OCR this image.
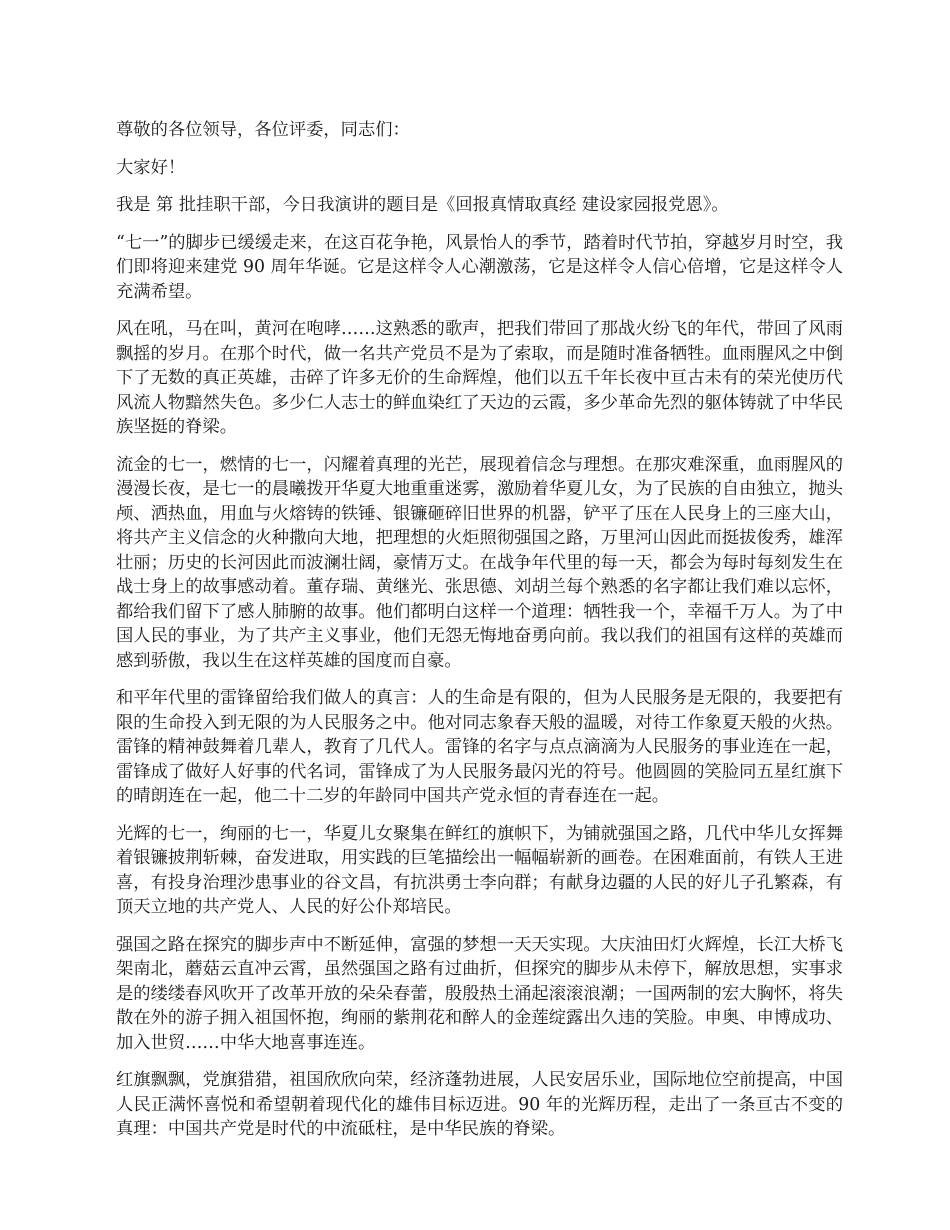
尊敬的各位领导，各位评委，同志们：

大家好！

我是 第 批挂职干部，今日我演讲的题目是《回报真情取真经 建设家园报党恩》。

“七一”的脚步已缓缓走来，在这百花争艳，风景怡人的季节，踏着时代节拍，穿越岁月时空，我们即将迎来建党 90 周年华诞。它是这样令人心潮激荡，它是这样令人信心倍增，它是这样令人充满希望。

风在吼，马在叫，黄河在咆哮……这熟悉的歌声，把我们带回了那战火纷飞的年代，带回了风雨飘摇的岁月。在那个时代，做一名共产党员不是为了索取，而是随时准备牺牲。血雨腥风之中倒下了无数的真正英雄，击碎了许多无价的生命辉煌，他们以五千年长夜中亘古未有的荣光使历代风流人物黯然失色。多少仁人志士的鲜血染红了天边的云霞，多少革命先烈的躯体铸就了中华民族坚挺的脊梁。

流金的七一，燃情的七一，闪耀着真理的光芒，展现着信念与理想。在那灾难深重，血雨腥风的漫漫长夜，是七一的晨曦拨开华夏大地重重迷雾，激励着华夏儿女，为了民族的自由独立，抛头颅、洒热血，用血与火熔铸的铁锤、银镰砸碎旧世界的机器，铲平了压在人民身上的三座大山，将共产主义信念的火种撒向大地，把理想的火炬照彻强国之路，万里河山因此而挺拔俊秀，雄浑壮丽；历史的长河因此而波澜壮阔，豪情万丈。在战争年代里的每一天，都会为每时每刻发生在战士身上的故事感动着。董存瑞、黄继光、张思德、刘胡兰每个熟悉的名字都让我们难以忘怀，都给我们留下了感人肺腑的故事。他们都明白这样一个道理：牺牲我一个，幸福千万人。为了中国人民的事业，为了共产主义事业，他们无怨无悔地奋勇向前。我以我们的祖国有这样的英雄而感到骄傲，我以生在这样英雄的国度而自豪。

和平年代里的雷锋留给我们做人的真言：人的生命是有限的，但为人民服务是无限的，我要把有限的生命投入到无限的为人民服务之中。他对同志象春天般的温暖，对待工作象夏天般的火热。雷锋的精神鼓舞着几辈人，教育了几代人。雷锋的名字与点点滴滴为人民服务的事业连在一起，雷锋成了做好人好事的代名词，雷锋成了为人民服务最闪光的符号。他圆圆的笑脸同五星红旗下的晴朗连在一起，他二十二岁的年龄同中国共产党永恒的青春连在一起。

光辉的七一，绚丽的七一，华夏儿女聚集在鲜红的旗帜下，为铺就强国之路，几代中华儿女挥舞着银镰披荆斩棘，奋发进取，用实践的巨笔描绘出一幅幅崭新的画卷。在困难面前，有铁人王进喜，有投身治理沙患事业的谷文昌，有抗洪勇士李向群；有献身边疆的人民的好儿子孔繁森，有顶天立地的共产党人、人民的好公仆郑培民。

强国之路在探究的脚步声中不断延伸，富强的梦想一天天实现。大庆油田灯火辉煌，长江大桥飞架南北，蘑菇云直冲云霄，虽然强国之路有过曲折，但探究的脚步从未停下，解放思想，实事求是的缕缕春风吹开了改革开放的朵朵春蕾，殷殷热土涌起滚滚浪潮；一国两制的宏大胸怀，将失散在外的游子拥入祖国怀抱，绚丽的紫荆花和醉人的金莲绽露出久违的笑脸。申奥、申博成功、加入世贸……中华大地喜事连连。

红旗飘飘，党旗猎猎，祖国欣欣向荣，经济蓬勃进展，人民安居乐业，国际地位空前提高，中国人民正满怀喜悦和希望朝着现代化的雄伟目标迈进。90 年的光辉历程，走出了一条亘古不变的真理：中国共产党是时代的中流砥柱，是中华民族的脊梁。
